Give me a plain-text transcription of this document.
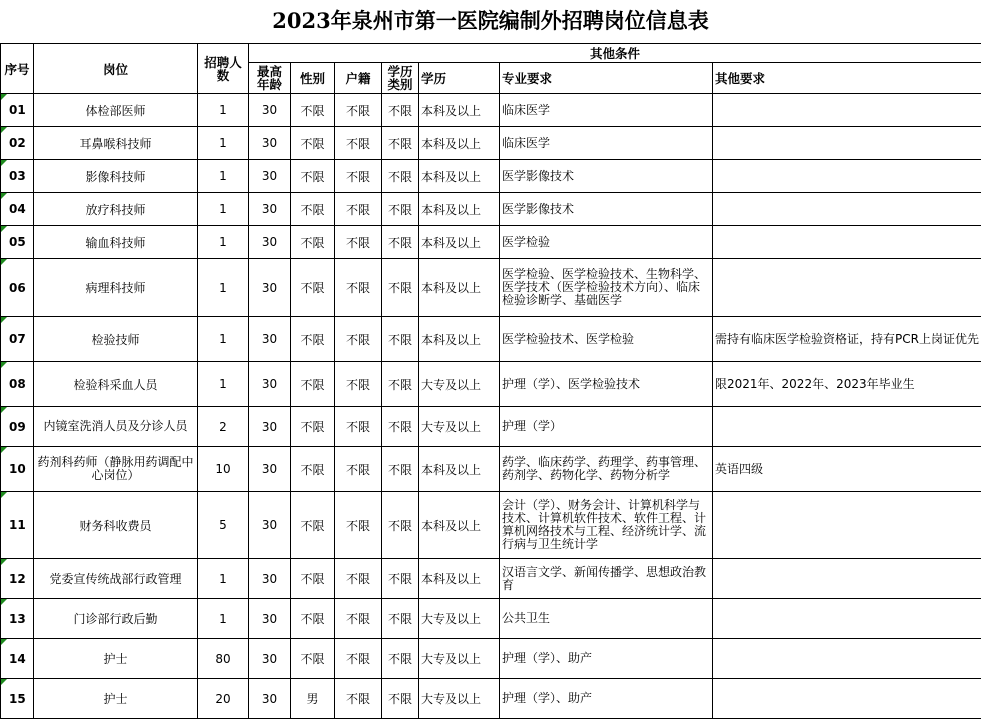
2023年泉州市第一医院编制外招聘岗位信息表
序号	岗位	招聘人数	其他条件						
			最高年龄	性别	户籍	学历类别	学历	专业要求	其他要求
01	体检部医师	1	30	不限	不限	不限	本科及以上	临床医学	
02	耳鼻喉科技师	1	30	不限	不限	不限	本科及以上	临床医学	
03	影像科技师	1	30	不限	不限	不限	本科及以上	医学影像技术	
04	放疗科技师	1	30	不限	不限	不限	本科及以上	医学影像技术	
05	输血科技师	1	30	不限	不限	不限	本科及以上	医学检验	
06	病理科技师	1	30	不限	不限	不限	本科及以上	医学检验、医学检验技术、生物科学、医学技术（医学检验技术方向）、临床检验诊断学、基础医学	
07	检验技师	1	30	不限	不限	不限	本科及以上	医学检验技术、医学检验	需持有临床医学检验资格证，持有PCR上岗证优先
08	检验科采血人员	1	30	不限	不限	不限	大专及以上	护理（学）、医学检验技术	限2021年、2022年、2023年毕业生
09	内镜室洗消人员及分诊人员	2	30	不限	不限	不限	大专及以上	护理（学）	
10	药剂科药师（静脉用药调配中心岗位）	10	30	不限	不限	不限	本科及以上	药学、临床药学、药理学、药事管理、药剂学、药物化学、药物分析学	英语四级
11	财务科收费员	5	30	不限	不限	不限	本科及以上	会计（学）、财务会计、计算机科学与技术、计算机软件技术、软件工程、计算机网络技术与工程、经济统计学、流行病与卫生统计学	
12	党委宣传统战部行政管理	1	30	不限	不限	不限	本科及以上	汉语言文学、新闻传播学、思想政治教育	
13	门诊部行政后勤	1	30	不限	不限	不限	大专及以上	公共卫生	
14	护士	80	30	不限	不限	不限	大专及以上	护理（学）、助产	
15	护士	20	30	男	不限	不限	大专及以上	护理（学）、助产	
